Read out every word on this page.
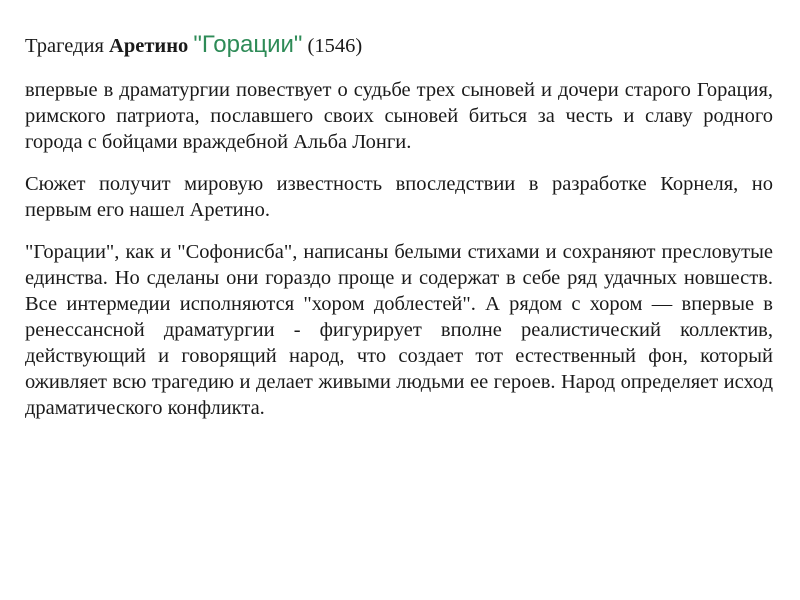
Трагедия Аретино "Горации" (1546)

впервые в драматургии повествует о судьбе трех сыновей и дочери старого Горация, римского патриота, пославшего своих сыновей биться за честь и славу родного города с бойцами враждебной Альба Лонги.

Сюжет получит мировую известность впоследствии в разработке Корнеля, но первым его нашел Аретино.

"Горации", как и "Софонисба", написаны белыми стихами и сохраняют пресловутые единства. Но сделаны они гораздо проще и содержат в себе ряд удачных новшеств. Все интермедии исполняются "хором доблестей". А рядом с хором — впервые в ренессансной драматургии - фигурирует вполне реалистический коллектив, действующий и говорящий народ, что создает тот естественный фон, который оживляет всю трагедию и делает живыми людьми ее героев. Народ определяет исход драматического конфликта.
